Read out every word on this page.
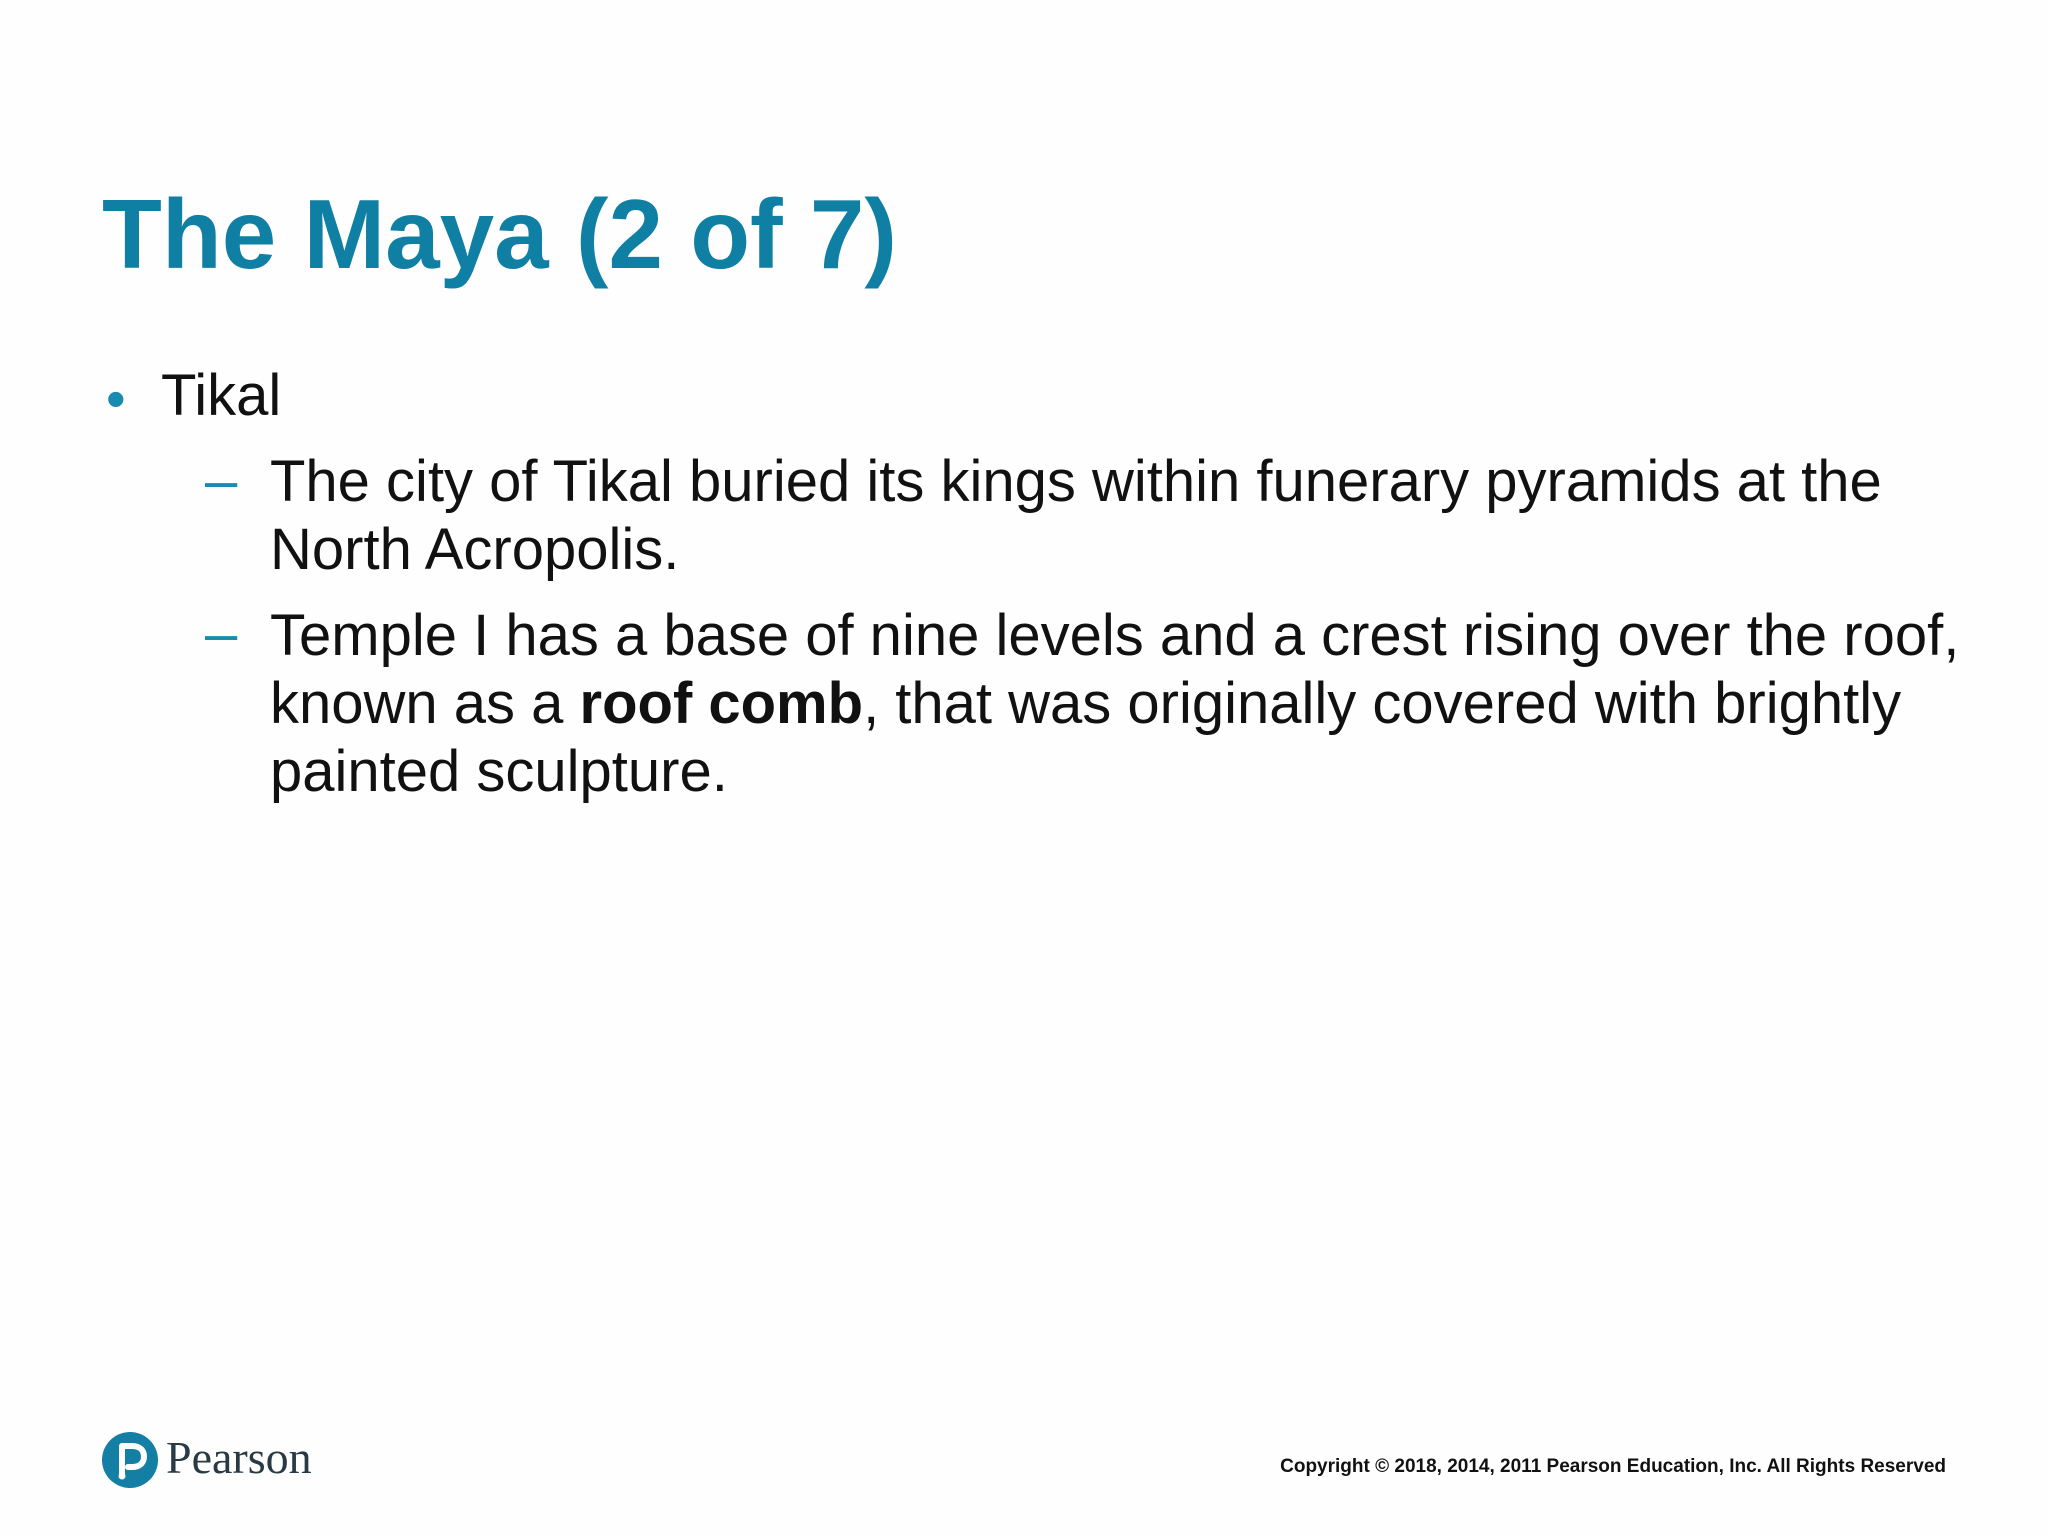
The Maya (2 of 7)
• Tikal
– The city of Tikal buried its kings within funerary pyramids at the North Acropolis.

– Temple I has a base of nine levels and a crest rising over the roof, known as a roof comb, that was originally covered with brightly painted sculpture.

Pearson	Copyright © 2018, 2014, 2011 Pearson Education, Inc. All Rights Reserved
